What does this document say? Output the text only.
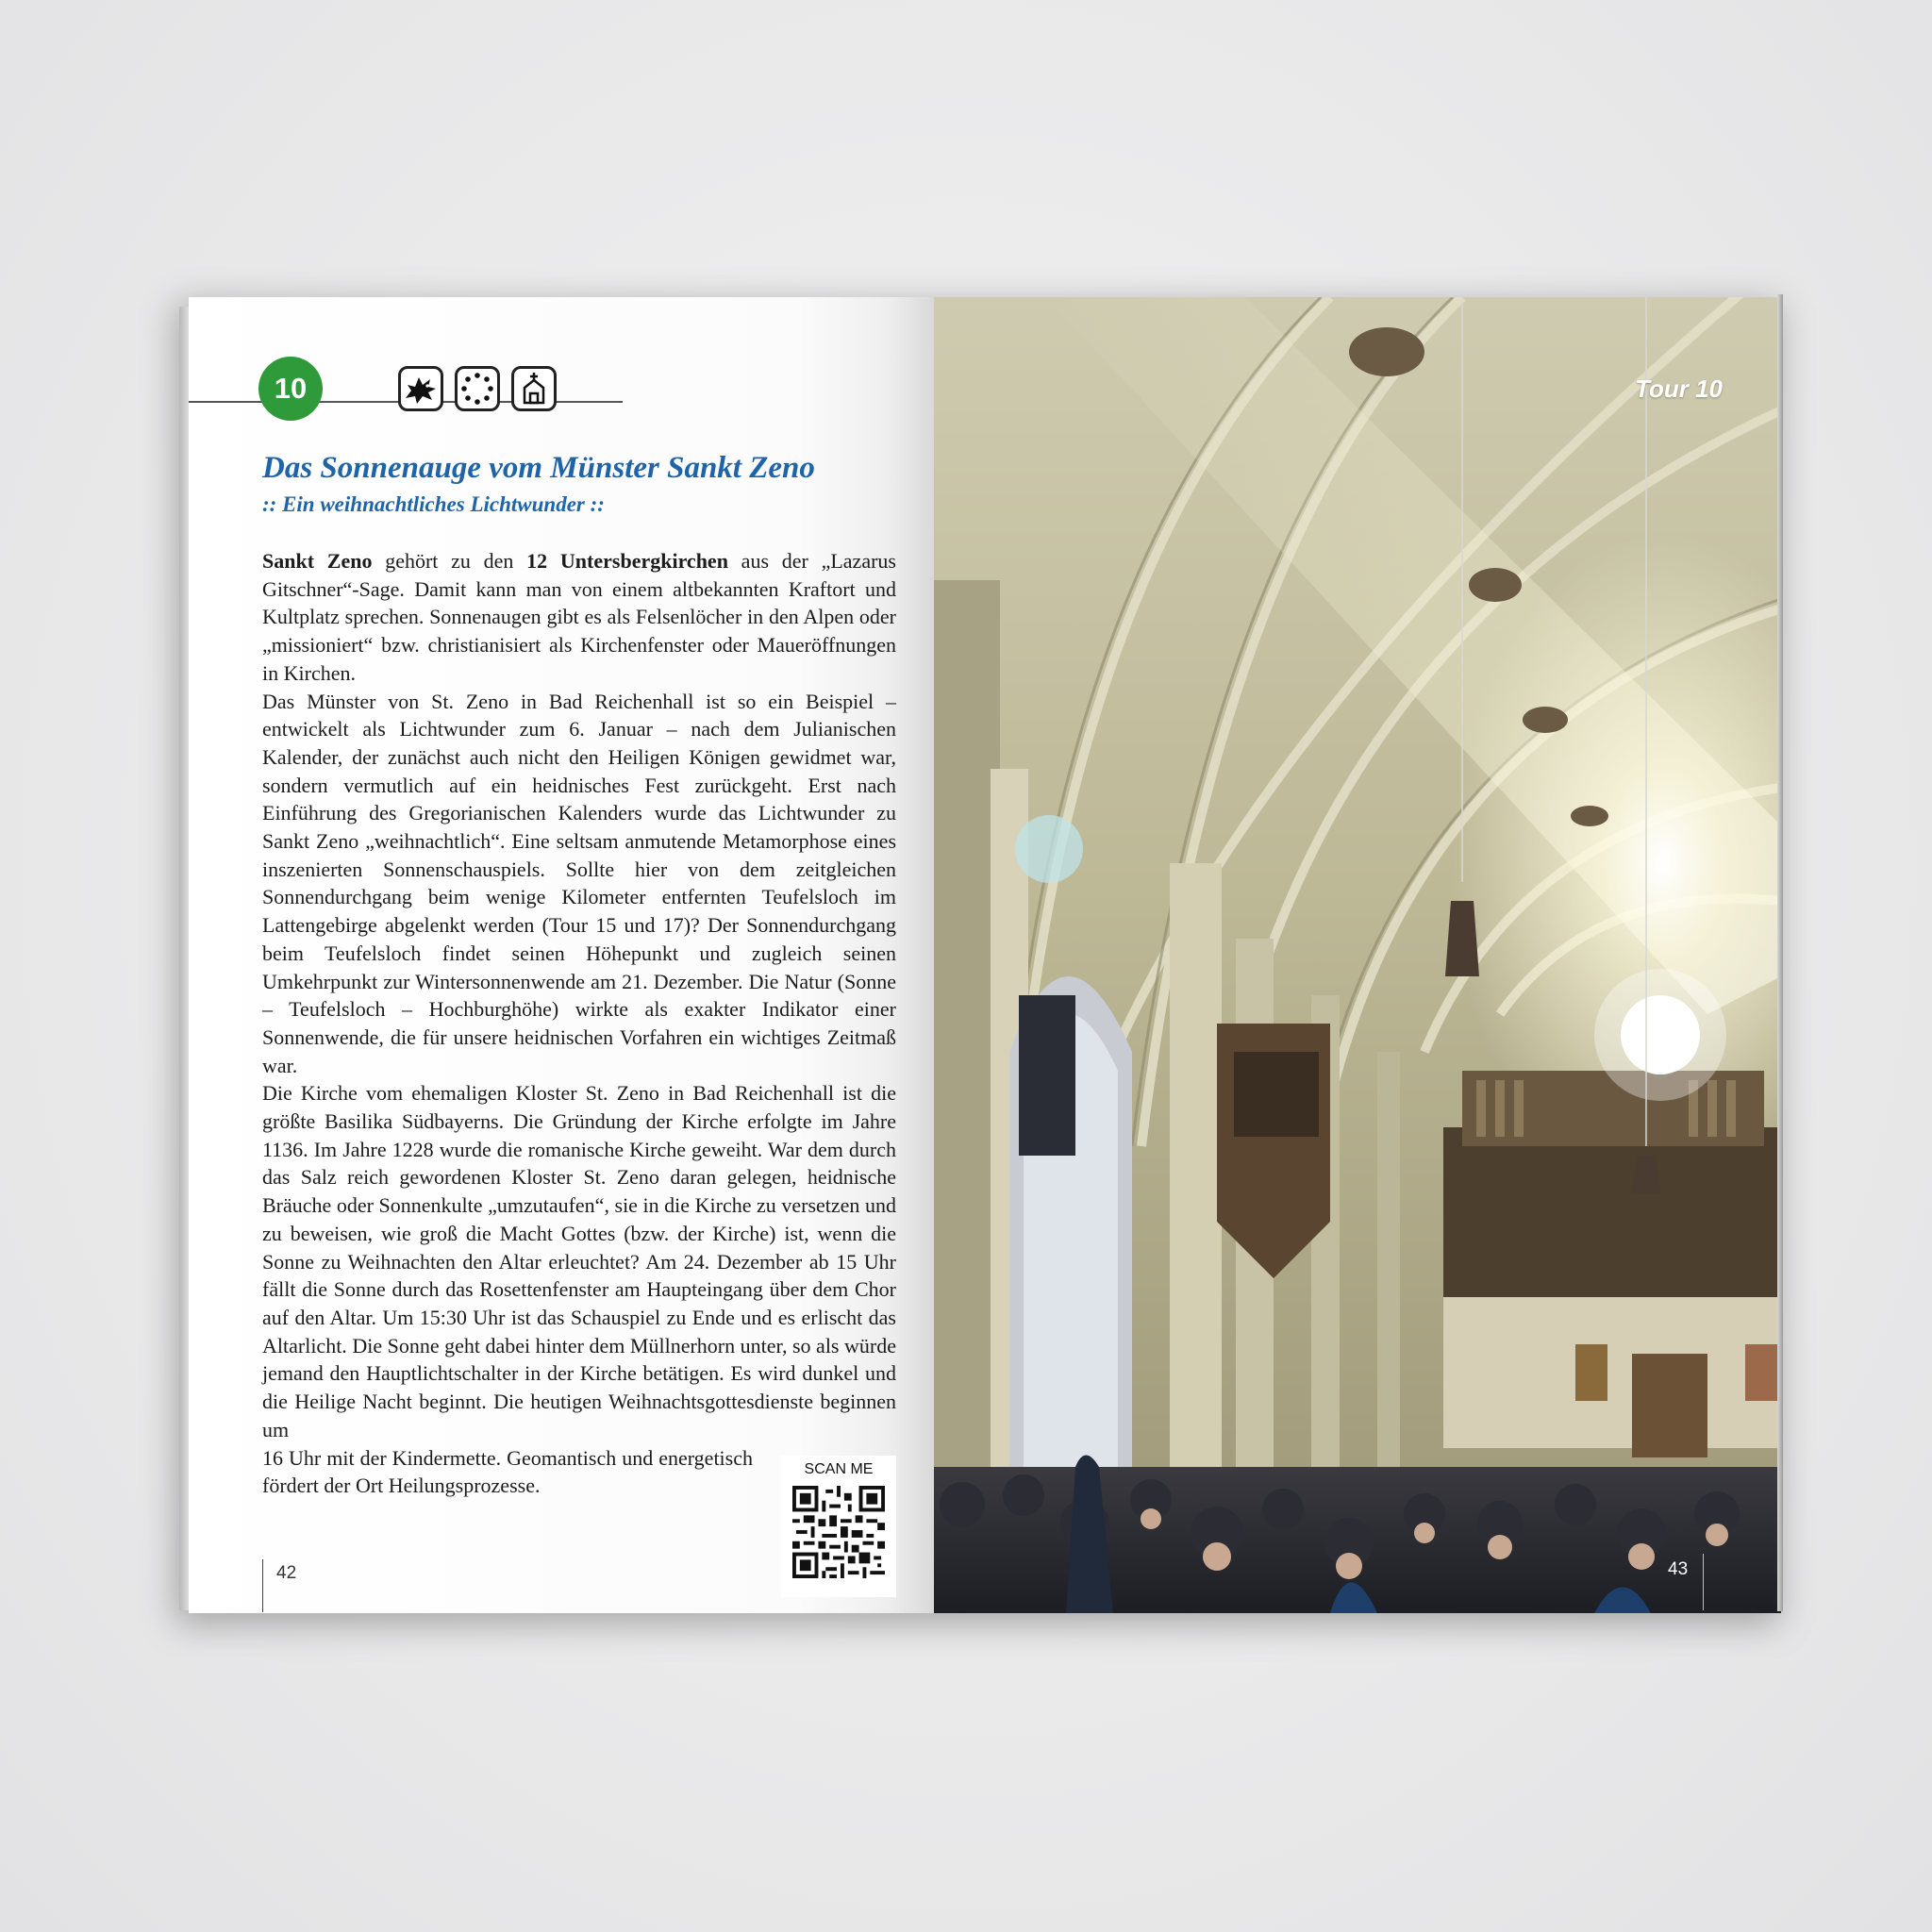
10
Das Sonnenauge vom Münster Sankt Zeno
:: Ein weihnachtliches Lichtwunder ::

Sankt Zeno gehört zu den 12 Untersbergkirchen aus der „Lazarus Gitschner“-Sage. Damit kann man von einem altbekannten Kraftort und Kultplatz sprechen. Sonnenaugen gibt es als Felsenlöcher in den Alpen oder „missioniert“ bzw. christianisiert als Kirchenfenster oder Maueröffnungen in Kirchen.

Das Münster von St. Zeno in Bad Reichenhall ist so ein Beispiel – entwickelt als Lichtwunder zum 6. Januar – nach dem Julianischen Kalender, der zunächst auch nicht den Heiligen Königen gewidmet war, sondern vermutlich auf ein heidnisches Fest zurückgeht. Erst nach Einführung des Gregorianischen Kalenders wurde das Lichtwunder zu Sankt Zeno „weihnachtlich“. Eine seltsam anmutende Metamorphose eines inszenierten Sonnenschauspiels. Sollte hier von dem zeitgleichen Sonnendurchgang beim wenige Kilometer entfernten Teufelsloch im Lattengebirge abgelenkt werden (Tour 15 und 17)? Der Sonnendurchgang beim Teufelsloch findet seinen Höhepunkt und zugleich seinen Umkehrpunkt zur Wintersonnenwende am 21. Dezember. Die Natur (Sonne – Teufelsloch – Hochburghöhe) wirkte als exakter Indikator einer Sonnenwende, die für unsere heidnischen Vorfahren ein wichtiges Zeitmaß war.

Die Kirche vom ehemaligen Kloster St. Zeno in Bad Reichenhall ist die größte Basilika Südbayerns. Die Gründung der Kirche erfolgte im Jahre 1136. Im Jahre 1228 wurde die romanische Kirche geweiht. War dem durch das Salz reich gewordenen Kloster St. Zeno daran gelegen, heidnische Bräuche oder Sonnenkulte „umzutaufen“, sie in die Kirche zu versetzen und zu beweisen, wie groß die Macht Gottes (bzw. der Kirche) ist, wenn die Sonne zu Weihnachten den Altar erleuchtet? Am 24. Dezember ab 15 Uhr fällt die Sonne durch das Rosettenfenster am Haupteingang über dem Chor auf den Altar. Um 15:30 Uhr ist das Schauspiel zu Ende und es erlischt das Altarlicht. Die Sonne geht dabei hinter dem Müllnerhorn unter, so als würde jemand den Hauptlichtschalter in der Kirche betätigen. Es wird dunkel und die Heilige Nacht beginnt. Die heutigen Weihnachtsgottesdienste beginnen um

16 Uhr mit der Kindermette. Geomantisch und energetisch fördert der Ort Heilungsprozesse.

SCAN ME
42
Tour 10
43
